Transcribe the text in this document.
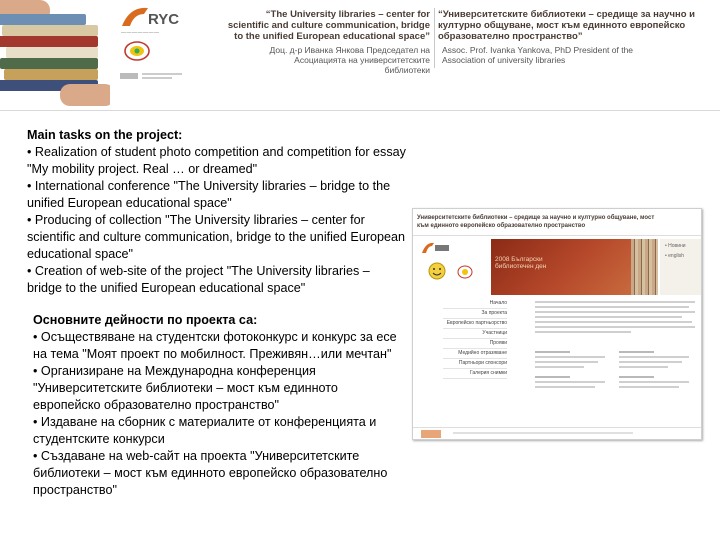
RYC
———————
“The University libraries – center for scientific and culture communication, bridge to the unified European educational space”
Доц. д-р Иванка Янкова Председател на Асоциацията на университетските библиотеки
“Университетските библиотеки – средище за научно и културно общуване, мост към единното европейско образователно пространство”
Assoc. Prof. Ivanka Yankova, PhD President of the Association of university libraries
Main tasks on the project:
• Realization of student photo competition and competition for essay "My mobility project. Real … or dreamed"
• International conference "The University libraries – bridge to the unified European educational space"
• Producing of collection "The University libraries – center for scientific and culture communication, bridge to the unified European educational space"
• Creation of web-site of the project "The University libraries – bridge to the unified European educational space"
Основните дейности по проекта са:
• Осъществяване на студентски фотоконкурс и конкурс за есе на тема "Моят проект по мобилност. Преживян…или мечтан"
• Организиране на Международна конференция "Университетските библиотеки – мост към единното европейско образователно пространство"
• Издаване на сборник с материалите от конференцията и студентските конкурси
• Създаване на web-сайт на проекта "Университетските библиотеки – мост към единното европейско образователно пространство"
Университетските библиотеки – средище за научно и културно общуване, мост към единното европейско образователно пространство
2008 Български библиотечен ден
• Новини
• english
Начало
За проекта
Европейско партньорство
Участници
Прояви
Медийно отразяване
Партньори спонсори
Галерия снимки
